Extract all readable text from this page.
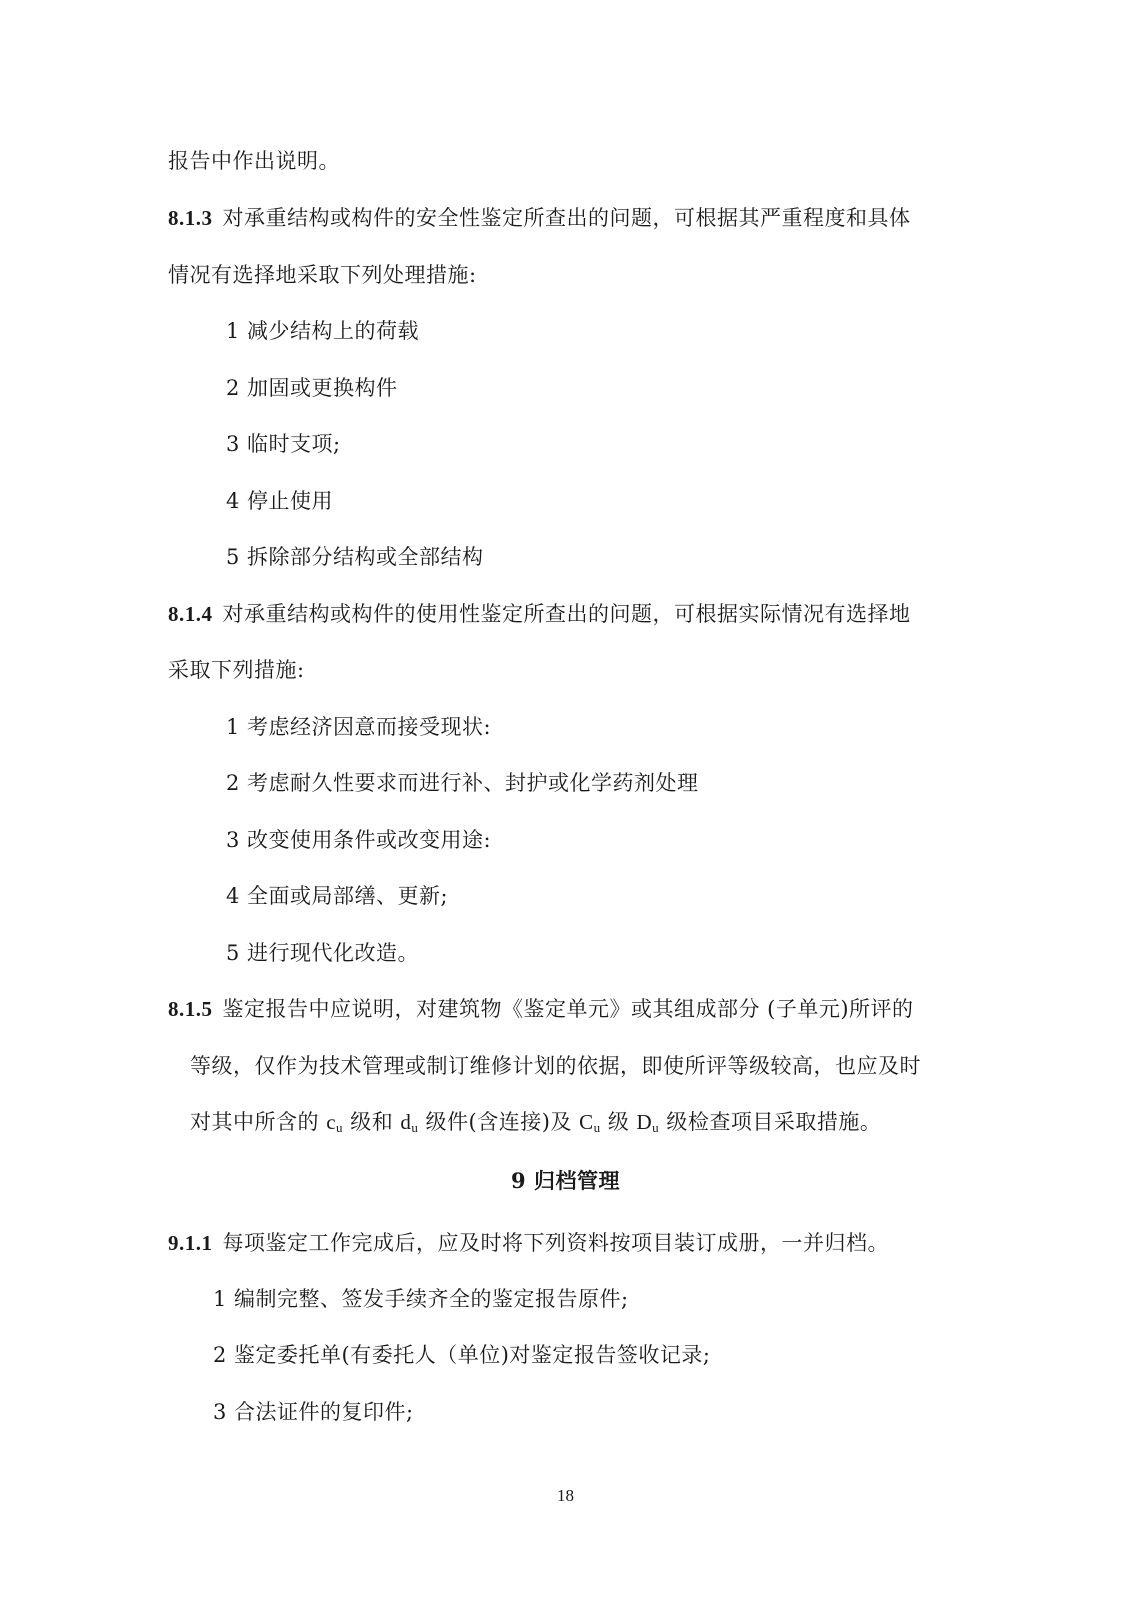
报告中作出说明。
8.1.3 对承重结构或构件的安全性鉴定所查出的问题，可根据其严重程度和具体
情况有选择地采取下列处理措施:
1 减少结构上的荷载
2 加固或更换构件
3 临时支项;
4 停止使用
5 拆除部分结构或全部结构
8.1.4 对承重结构或构件的使用性鉴定所查出的问题，可根据实际情况有选择地
采取下列措施:
1 考虑经济因意而接受现状:
2 考虑耐久性要求而进行补、封护或化学药剂处理
3 改变使用条件或改变用途:
4 全面或局部缮、更新;
5 进行现代化改造。
8.1.5 鉴定报告中应说明，对建筑物《鉴定单元》或其组成部分 (子单元)所评的
等级，仅作为技术管理或制订维修计划的依据，即使所评等级较高，也应及时
对其中所含的 $c_u$ 级和 $d_u$ 级件(含连接)及 $C_u$ 级 $D_u$ 级检查项目采取措施。
9 归档管理
9.1.1 每项鉴定工作完成后，应及时将下列资料按项目装订成册，一并归档。
1 编制完整、签发手续齐全的鉴定报告原件;
2 鉴定委托单(有委托人（单位)对鉴定报告签收记录;
3 合法证件的复印件;
18
